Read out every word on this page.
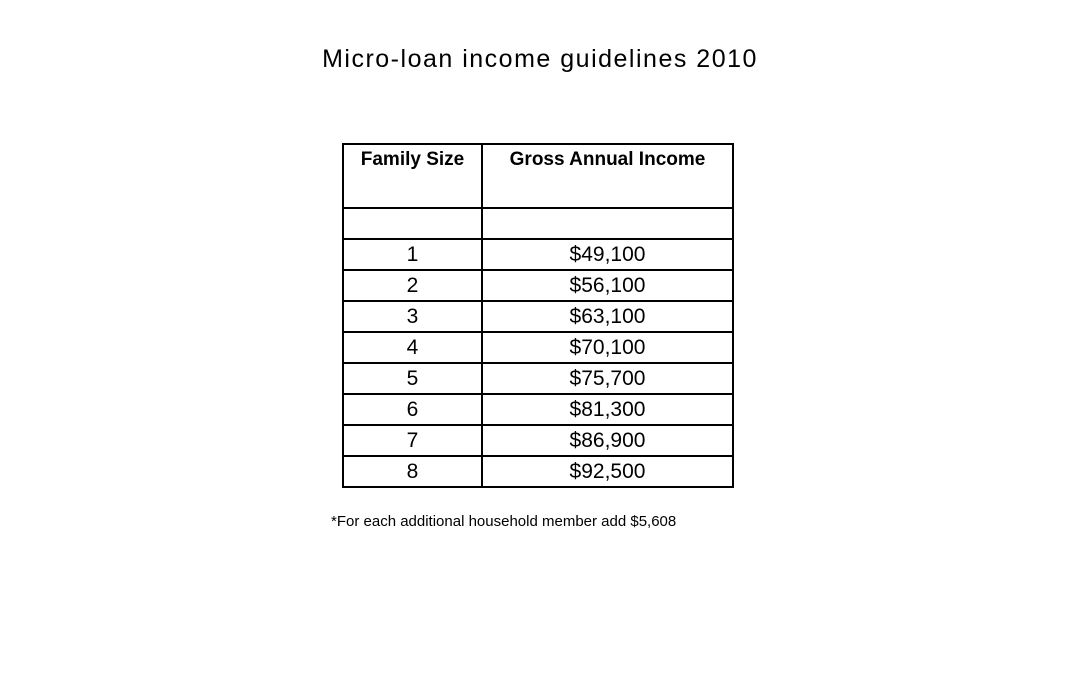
Micro-loan income guidelines 2010
Family Size	Gross Annual Income

1	$49,100
2	$56,100
3	$63,100
4	$70,100
5	$75,700
6	$81,300
7	$86,900
8	$92,500
*For each additional household member add $5,608
